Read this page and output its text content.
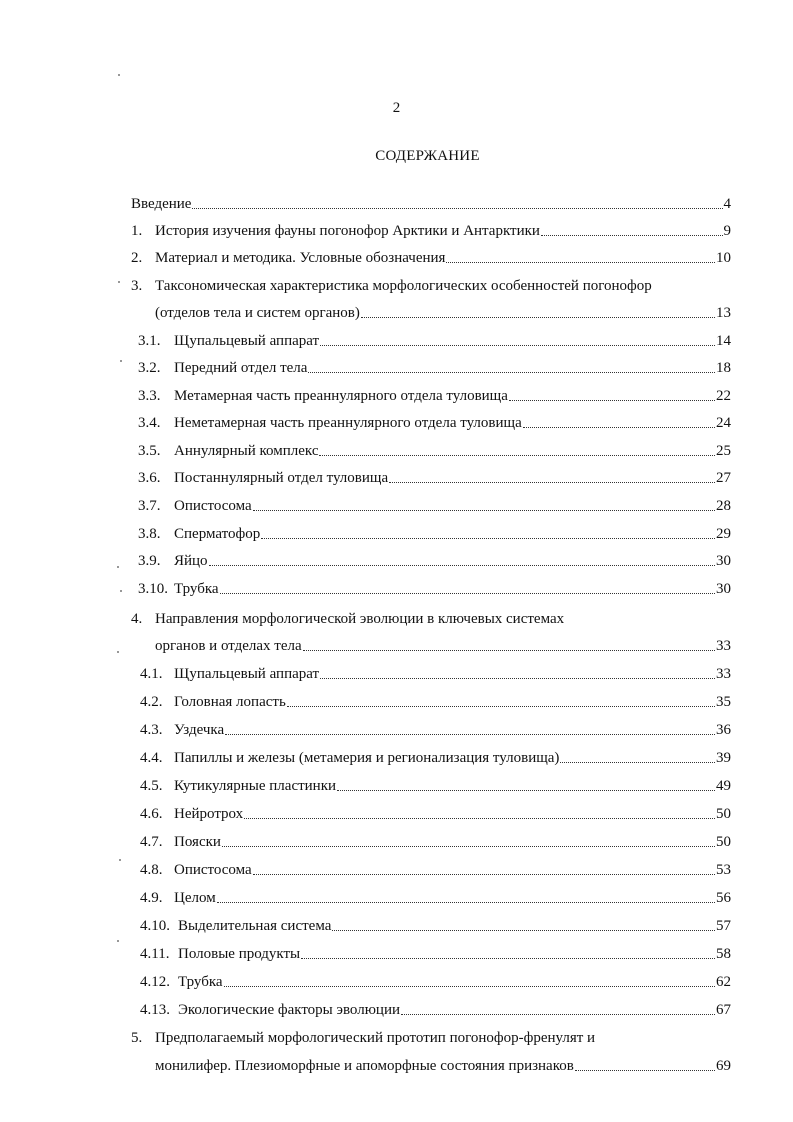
2
СОДЕРЖАНИЕ
Введение	4
1. История изучения фауны погонофор Арктики и Антарктики	9
2. Материал и методика. Условные обозначения	10
3. Таксономическая характеристика морфологических особенностей погонофор
(отделов тела и систем органов)	13
3.1. Щупальцевый аппарат	14
3.2. Передний отдел тела	18
3.3. Метамерная часть преаннулярного отдела туловища	22
3.4. Неметамерная часть преаннулярного отдела туловища	24
3.5. Аннулярный комплекс	25
3.6. Постаннулярный отдел туловища	27
3.7. Опистосома	28
3.8. Сперматофор	29
3.9. Яйцо	30
3.10. Трубка	30
4. Направления морфологической эволюции в ключевых системах
органов и отделах тела	33
4.1. Щупальцевый аппарат	33
4.2. Головная лопасть	35
4.3. Уздечка	36
4.4. Папиллы и железы (метамерия и регионализация туловища)	39
4.5. Кутикулярные пластинки	49
4.6. Нейротрох	50
4.7. Пояски	50
4.8. Опистосома	53
4.9. Целом	56
4.10. Выделительная система	57
4.11. Половые продукты	58
4.12. Трубка	62
4.13. Экологические факторы эволюции	67
5. Предполагаемый морфологический прототип погонофор-френулят и
монилифер. Плезиоморфные и апоморфные состояния признаков	69
